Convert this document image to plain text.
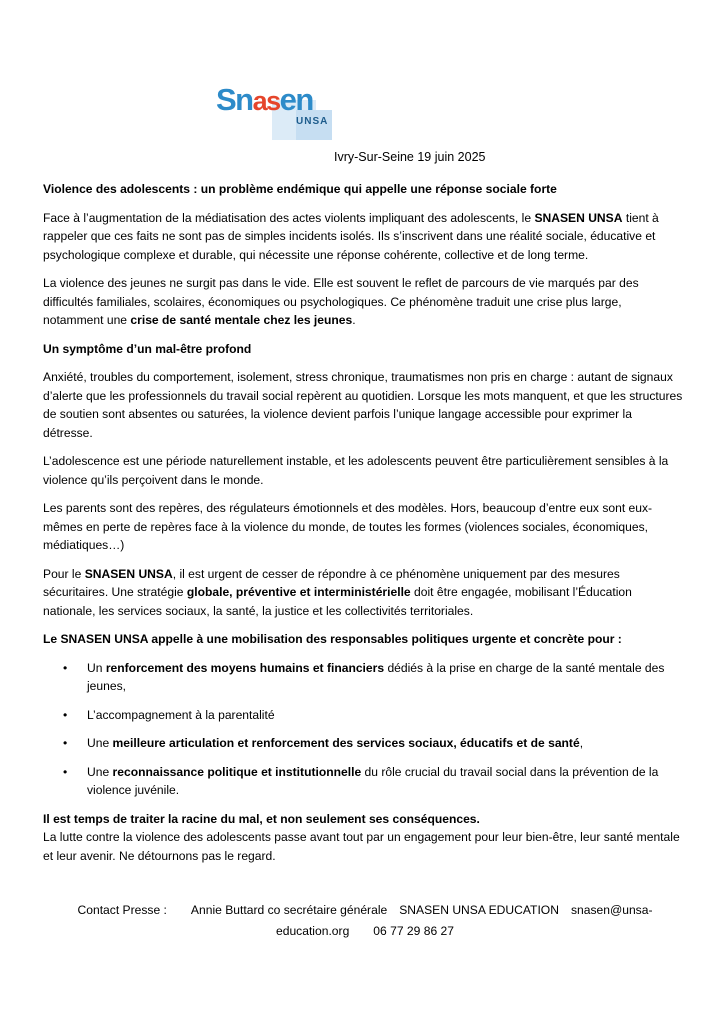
Snasen
UNSA
Ivry-Sur-Seine 19 juin 2025

Violence des adolescents : un problème endémique qui appelle une réponse sociale forte

Face à l’augmentation de la médiatisation des actes violents impliquant des adolescents, le SNASEN UNSA tient à rappeler que ces faits ne sont pas de simples incidents isolés. Ils s’inscrivent dans une réalité sociale, éducative et psychologique complexe et durable, qui nécessite une réponse cohérente, collective et de long terme.

La violence des jeunes ne surgit pas dans le vide. Elle est souvent le reflet de parcours de vie marqués par des difficultés familiales, scolaires, économiques ou psychologiques. Ce phénomène traduit une crise plus large, notamment une crise de santé mentale chez les jeunes.

Un symptôme d’un mal-être profond

Anxiété, troubles du comportement, isolement, stress chronique, traumatismes non pris en charge : autant de signaux d’alerte que les professionnels du travail social repèrent au quotidien. Lorsque les mots manquent, et que les structures de soutien sont absentes ou saturées, la violence devient parfois l’unique langage accessible pour exprimer la détresse.

L’adolescence est une période naturellement instable, et les adolescents peuvent être particulièrement sensibles à la violence qu’ils perçoivent dans le monde.

Les parents sont des repères, des régulateurs émotionnels et des modèles. Hors, beaucoup d’entre eux sont eux-mêmes en perte de repères face à la violence du monde, de toutes les formes (violences sociales, économiques, médiatiques…)

Pour le SNASEN UNSA, il est urgent de cesser de répondre à ce phénomène uniquement par des mesures sécuritaires. Une stratégie globale, préventive et interministérielle doit être engagée, mobilisant l’Éducation nationale, les services sociaux, la santé, la justice et les collectivités territoriales.

Le SNASEN UNSA appelle à une mobilisation des responsables politiques urgente et concrète pour :

• Un renforcement des moyens humains et financiers dédiés à la prise en charge de la santé mentale des jeunes,
• L’accompagnement à la parentalité
• Une meilleure articulation et renforcement des services sociaux, éducatifs et de santé,
• Une reconnaissance politique et institutionnelle du rôle crucial du travail social dans la prévention de la violence juvénile.

Il est temps de traiter la racine du mal, et non seulement ses conséquences.
La lutte contre la violence des adolescents passe avant tout par un engagement pour leur bien-être, leur santé mentale et leur avenir. Ne détournons pas le regard.

Contact Presse : Annie Buttard co secrétaire générale SNASEN UNSA EDUCATION snasen@unsa-
education.org 06 77 29 86 27
